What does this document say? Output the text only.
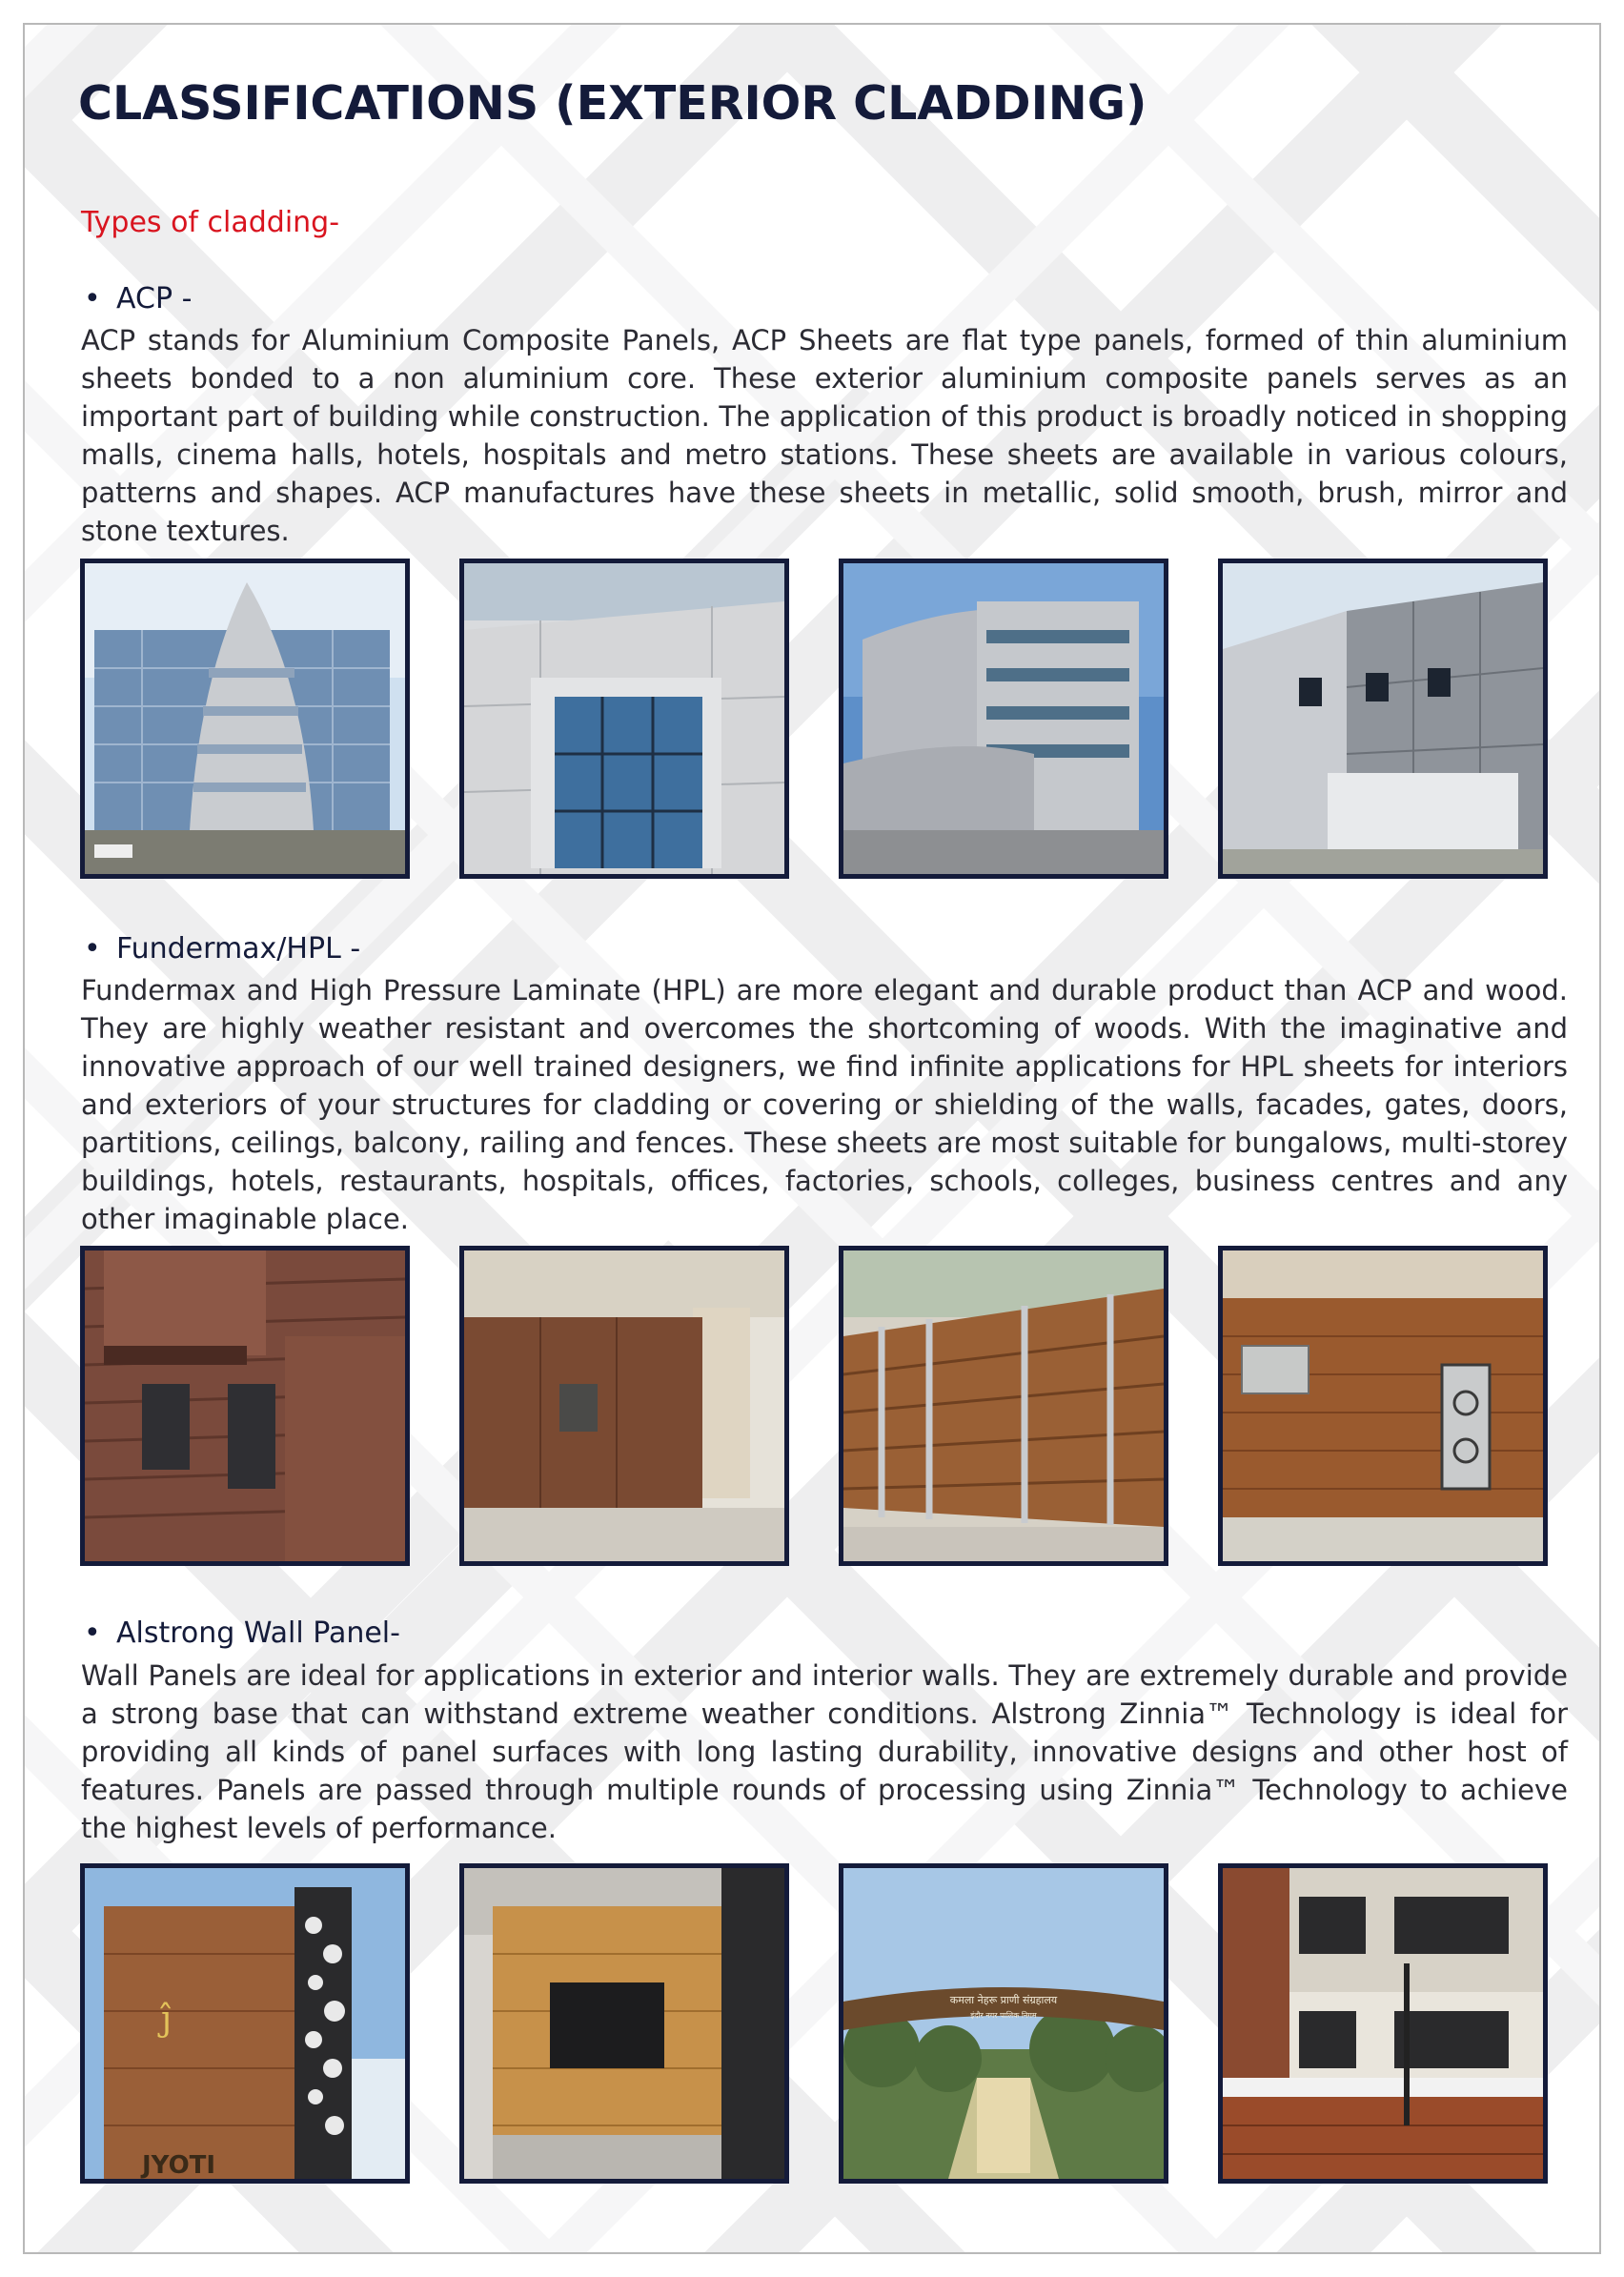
CLASSIFICATIONS (EXTERIOR CLADDING)

Types of cladding-

• ACP -

ACP stands for Aluminium Composite Panels, ACP Sheets are flat type panels, formed of thin aluminium sheets bonded to a non aluminium core. These exterior aluminium composite panels serves as an important part of building while construction. The application of this product is broadly noticed in shopping malls, cinema halls, hotels, hospitals and metro stations. These sheets are available in various colours, patterns and shapes. ACP manufactures have these sheets in metallic, solid smooth, brush, mirror and stone textures.

• Fundermax/HPL -

Fundermax and High Pressure Laminate (HPL) are more elegant and durable product than ACP and wood. They are highly weather resistant and overcomes the shortcoming of woods. With the imaginative and innovative approach of our well trained designers, we find infinite applications for HPL sheets for interiors and exteriors of your structures for cladding or covering or shielding of the walls, facades, gates, doors, partitions, ceilings, balcony, railing and fences. These sheets are most suitable for bungalows, multi-storey buildings, hotels, restaurants, hospitals, offices, factories, schools, colleges, business centres and any other imaginable place.

• Alstrong Wall Panel-

Wall Panels are ideal for applications in exterior and interior walls. They are extremely durable and provide a strong base that can withstand extreme weather conditions. Alstrong Zinnia™ Technology is ideal for providing all kinds of panel surfaces with long lasting durability, innovative designs and other host of features. Panels are passed through multiple rounds of processing using Zinnia™ Technology to achieve the highest levels of performance.

ĵ
JYOTI
कमला नेहरू प्राणी संग्रहालय
इंदौर नगर पालिक निगम
